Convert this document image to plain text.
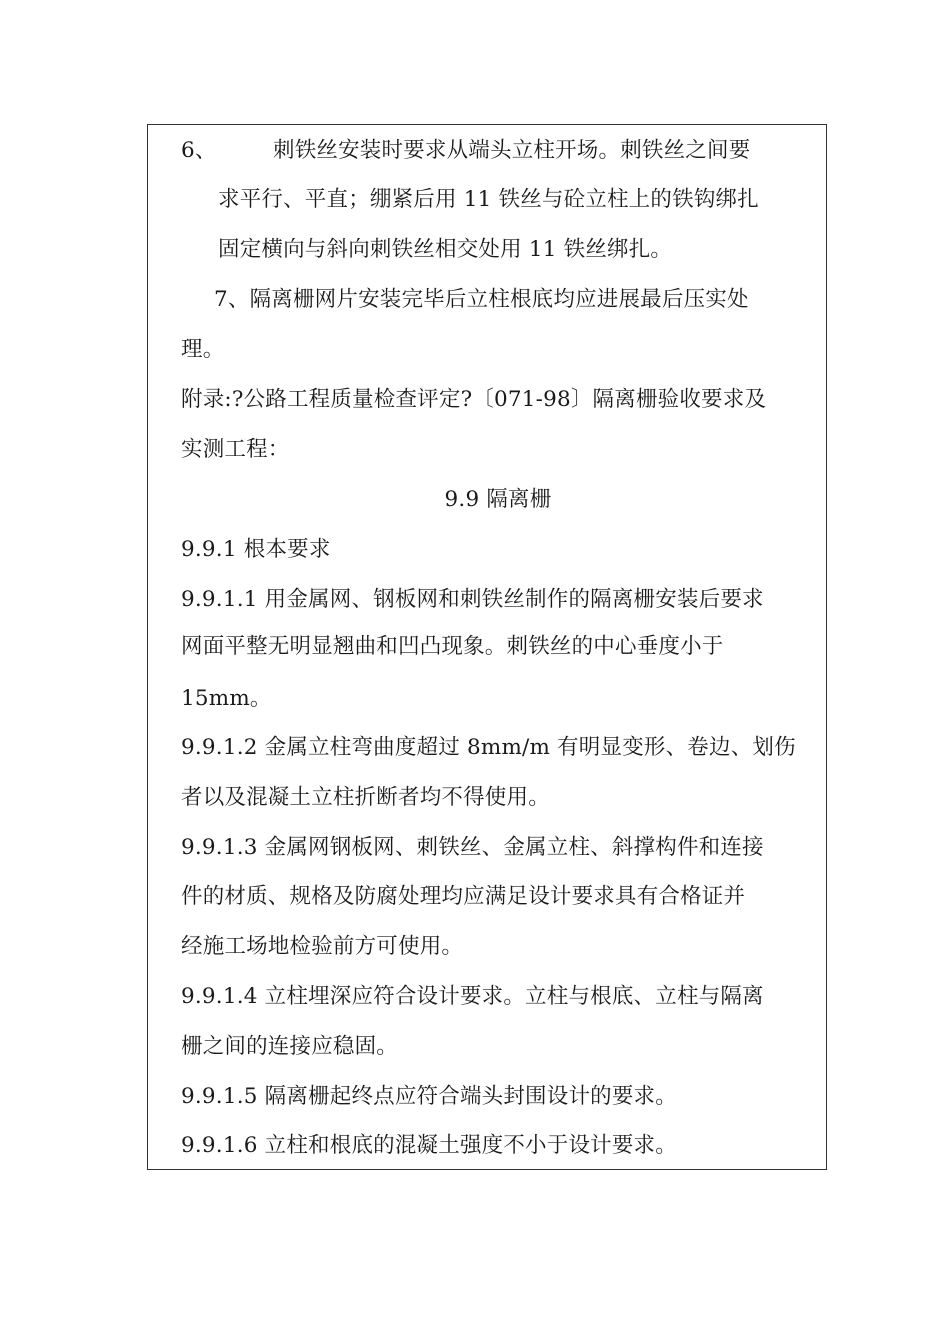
6、	刺铁丝安装时要求从端头立柱开场。刺铁丝之间要
求平行、平直；绷紧后用 11 铁丝与砼立柱上的铁钩绑扎
固定横向与斜向刺铁丝相交处用 11 铁丝绑扎。
7、隔离栅网片安装完毕后立柱根底均应进展最后压实处
理。
附录:?公路工程质量检查评定?〔071-98〕隔离栅验收要求及
实测工程：
9.9 隔离栅
9.9.1 根本要求
9.9.1.1 用金属网、钢板网和刺铁丝制作的隔离栅安装后要求
网面平整无明显翘曲和凹凸现象。刺铁丝的中心垂度小于
15mm。
9.9.1.2 金属立柱弯曲度超过 8mm/m 有明显变形、卷边、划伤
者以及混凝土立柱折断者均不得使用。
9.9.1.3 金属网钢板网、刺铁丝、金属立柱、斜撑构件和连接
件的材质、规格及防腐处理均应满足设计要求具有合格证并
经施工场地检验前方可使用。
9.9.1.4 立柱埋深应符合设计要求。立柱与根底、立柱与隔离
栅之间的连接应稳固。
9.9.1.5 隔离栅起终点应符合端头封围设计的要求。
9.9.1.6 立柱和根底的混凝土强度不小于设计要求。
